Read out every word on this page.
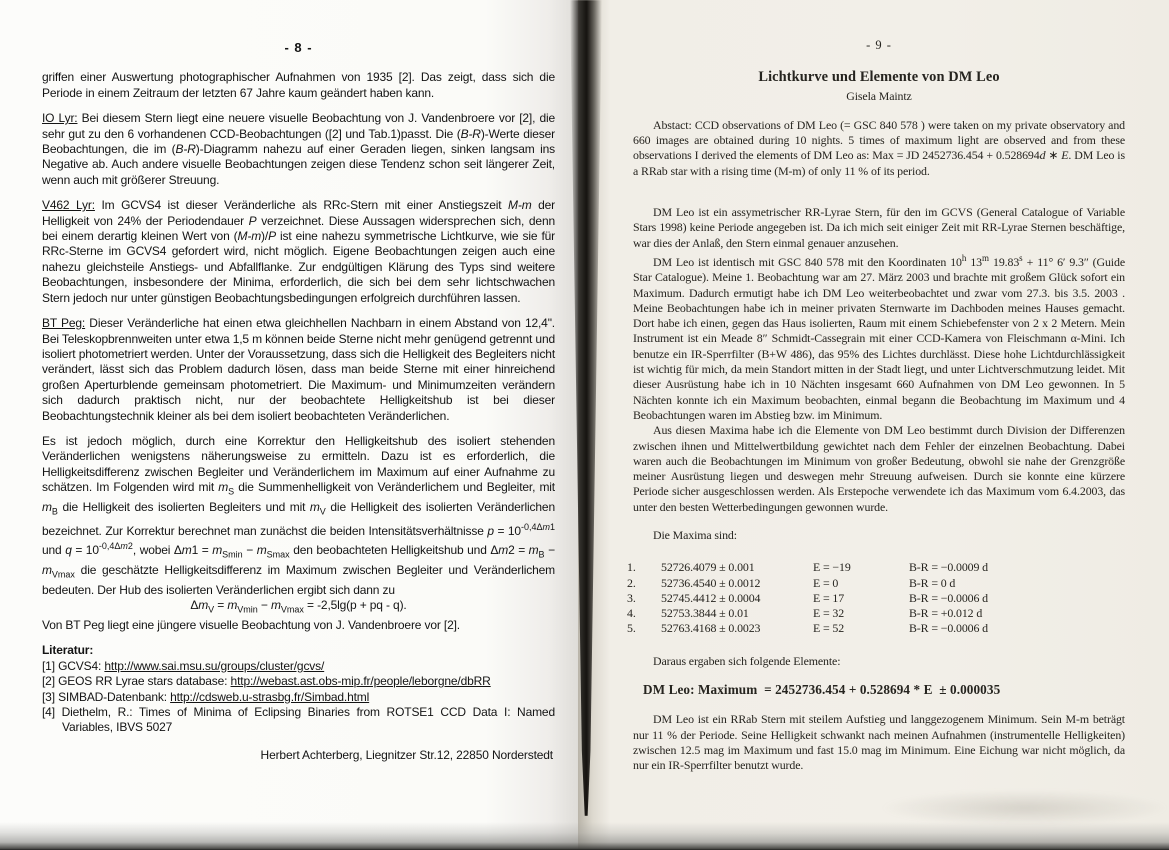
- 8 -

griffen einer Auswertung photographischer Aufnahmen von 1935 [2]. Das zeigt, dass sich die Periode in einem Zeitraum der letzten 67 Jahre kaum geändert haben kann.

IO Lyr: Bei diesem Stern liegt eine neuere visuelle Beobachtung von J. Vandenbroere vor [2], die sehr gut zu den 6 vorhandenen CCD-Beobachtungen ([2] und Tab.1)passt. Die (B-R)-Werte dieser Beobachtungen, die im (B-R)-Diagramm nahezu auf einer Geraden liegen, sinken langsam ins Negative ab. Auch andere visuelle Beobachtungen zeigen diese Tendenz schon seit längerer Zeit, wenn auch mit größerer Streuung.

V462 Lyr: Im GCVS4 ist dieser Veränderliche als RRc-Stern mit einer Anstiegszeit M-m der Helligkeit von 24% der Periodendauer P verzeichnet. Diese Aussagen widersprechen sich, denn bei einem derartig kleinen Wert von (M-m)/P ist eine nahezu symmetrische Lichtkurve, wie sie für RRc-Sterne im GCVS4 gefordert wird, nicht möglich. Eigene Beobachtungen zeigen auch eine nahezu gleichsteile Anstiegs- und Abfallflanke. Zur endgültigen Klärung des Typs sind weitere Beobachtungen, insbesondere der Minima, erforderlich, die sich bei dem sehr lichtschwachen Stern jedoch nur unter günstigen Beobachtungsbedingungen erfolgreich durchführen lassen.

BT Peg: Dieser Veränderliche hat einen etwa gleichhellen Nachbarn in einem Abstand von 12,4". Bei Teleskopbrennweiten unter etwa 1,5 m können beide Sterne nicht mehr genügend getrennt und isoliert photometriert werden. Unter der Voraussetzung, dass sich die Helligkeit des Begleiters nicht verändert, lässt sich das Problem dadurch lösen, dass man beide Sterne mit einer hinreichend großen Aperturblende gemeinsam photometriert. Die Maximum- und Minimumzeiten verändern sich dadurch praktisch nicht, nur der beobachtete Helligkeitshub ist bei dieser Beobachtungstechnik kleiner als bei dem isoliert beobachteten Veränderlichen.

Es ist jedoch möglich, durch eine Korrektur den Helligkeitshub des isoliert stehenden Veränderlichen wenigstens näherungsweise zu ermitteln. Dazu ist es erforderlich, die Helligkeitsdifferenz zwischen Begleiter und Veränderlichem im Maximum auf einer Aufnahme zu schätzen. Im Folgenden wird mit $m_S$ die Summenhelligkeit von Veränderlichem und Begleiter, mit $m_B$ die Helligkeit des isolierten Begleiters und mit $m_V$ die Helligkeit des isolierten Veränderlichen bezeichnet. Zur Korrektur berechnet man zunächst die beiden Intensitätsverhältnisse $p = 10^{-0,4\Delta m1}$ und $q = 10^{-0,4\Delta m2}$, wobei $\Delta m1 = m_{Smin} - m_{Smax}$ den beobachteten Helligkeitshub und $\Delta m2 = m_B - m_{Vmax}$ die geschätzte Helligkeitsdifferenz im Maximum zwischen Begleiter und Veränderlichem bedeuten. Der Hub des isolierten Veränderlichen ergibt sich dann zu

$\Delta m_V = m_{Vmin} - m_{Vmax} = -2,5\lg(p$ + pq - q).

Von BT Peg liegt eine jüngere visuelle Beobachtung von J. Vandenbroere vor [2].

Literatur:
[1] GCVS4: http://www.sai.msu.su/groups/cluster/gcvs/
[2] GEOS RR Lyrae stars database: http://webast.ast.obs-mip.fr/people/leborgne/dbRR
[3] SIMBAD-Datenbank: http://cdsweb.u-strasbg.fr/Simbad.html
[4] Diethelm, R.: Times of Minima of Eclipsing Binaries from ROTSE1 CCD Data I: Named Variables, IBVS 5027
Herbert Achterberg, Liegnitzer Str.12, 22850 Norderstedt
- 9 -
Lichtkurve und Elemente von DM Leo
Gisela Maintz

Abstact: CCD observations of DM Leo (= GSC 840 578 ) were taken on my private observatory and 660 images are obtained during 10 nights. 5 times of maximum light are observed and from these observations I derived the elements of DM Leo as: Max = JD 2452736.454 + 0.528694d ∗ E. DM Leo is a RRab star with a rising time (M-m) of only 11 % of its period.

DM Leo ist ein assymetrischer RR-Lyrae Stern, für den im GCVS (General Catalogue of Variable Stars 1998) keine Periode angegeben ist. Da ich mich seit einiger Zeit mit RR-Lyrae Sternen beschäftige, war dies der Anlaß, den Stern einmal genauer anzusehen.

DM Leo ist identisch mit GSC 840 578 mit den Koordinaten 10$^h$ 13$^m$ $19.83^s + 11^\circ$ 6′ 9.3″ (Guide Star Catalogue). Meine 1. Beobachtung war am 27. März 2003 und brachte mit großem Glück sofort ein Maximum. Dadurch ermutigt habe ich DM Leo weiterbeobachtet und zwar vom 27.3. bis 3.5. 2003 . Meine Beobachtungen habe ich in meiner privaten Sternwarte im Dachboden meines Hauses gemacht. Dort habe ich einen, gegen das Haus isolierten, Raum mit einem Schiebefenster von 2 x 2 Metern. Mein Instrument ist ein Meade 8″ Schmidt-Cassegrain mit einer CCD-Kamera von Fleischmann α-Mini. Ich benutze ein IR-Sperrfilter (B+W 486), das 95% des Lichtes durchlässt. Diese hohe Lichtdurchlässigkeit ist wichtig für mich, da mein Standort mitten in der Stadt liegt, und unter Lichtverschmutzung leidet. Mit dieser Ausrüstung habe ich in 10 Nächten insgesamt 660 Aufnahmen von DM Leo gewonnen. In 5 Nächten konnte ich ein Maximum beobachten, einmal begann die Beobachtung im Maximum und 4 Beobachtungen waren im Abstieg bzw. im Minimum.

Aus diesen Maxima habe ich die Elemente von DM Leo bestimmt durch Division der Differenzen zwischen ihnen und Mittelwertbildung gewichtet nach dem Fehler der einzelnen Beobachtung. Dabei waren auch die Beobachtungen im Minimum von großer Bedeutung, obwohl sie nahe der Grenzgröße meiner Ausrüstung liegen und deswegen mehr Streuung aufweisen. Durch sie konnte eine kürzere Periode sicher ausgeschlossen werden. Als Erstepoche verwendete ich das Maximum vom 6.4.2003, das unter den besten Wetterbedingungen gewonnen wurde.

Die Maxima sind:
1.	52726.4079 ± 0.001	E = −19	B-R = −0.0009 d
2.	52736.4540 ± 0.0012	E = 0	B-R = 0 d
3.	52745.4412 ± 0.0004	E = 17	B-R = −0.0006 d
4.	52753.3844 ± 0.01	E = 32	B-R = +0.012 d
5.	52763.4168 ± 0.0023	E = 52	B-R = −0.0006 d
Daraus ergaben sich folgende Elemente:
DM Leo: Maximum  = 2452736.454 + 0.528694 * E  ± 0.000035

DM Leo ist ein RRab Stern mit steilem Aufstieg und langgezogenem Minimum. Sein M-m beträgt nur 11 % der Periode. Seine Helligkeit schwankt nach meinen Aufnahmen (instrumentelle Helligkeiten) zwischen 12.5 mag im Maximum und fast 15.0 mag im Minimum. Eine Eichung war nicht möglich, da nur ein IR-Sperrfilter benutzt wurde.
